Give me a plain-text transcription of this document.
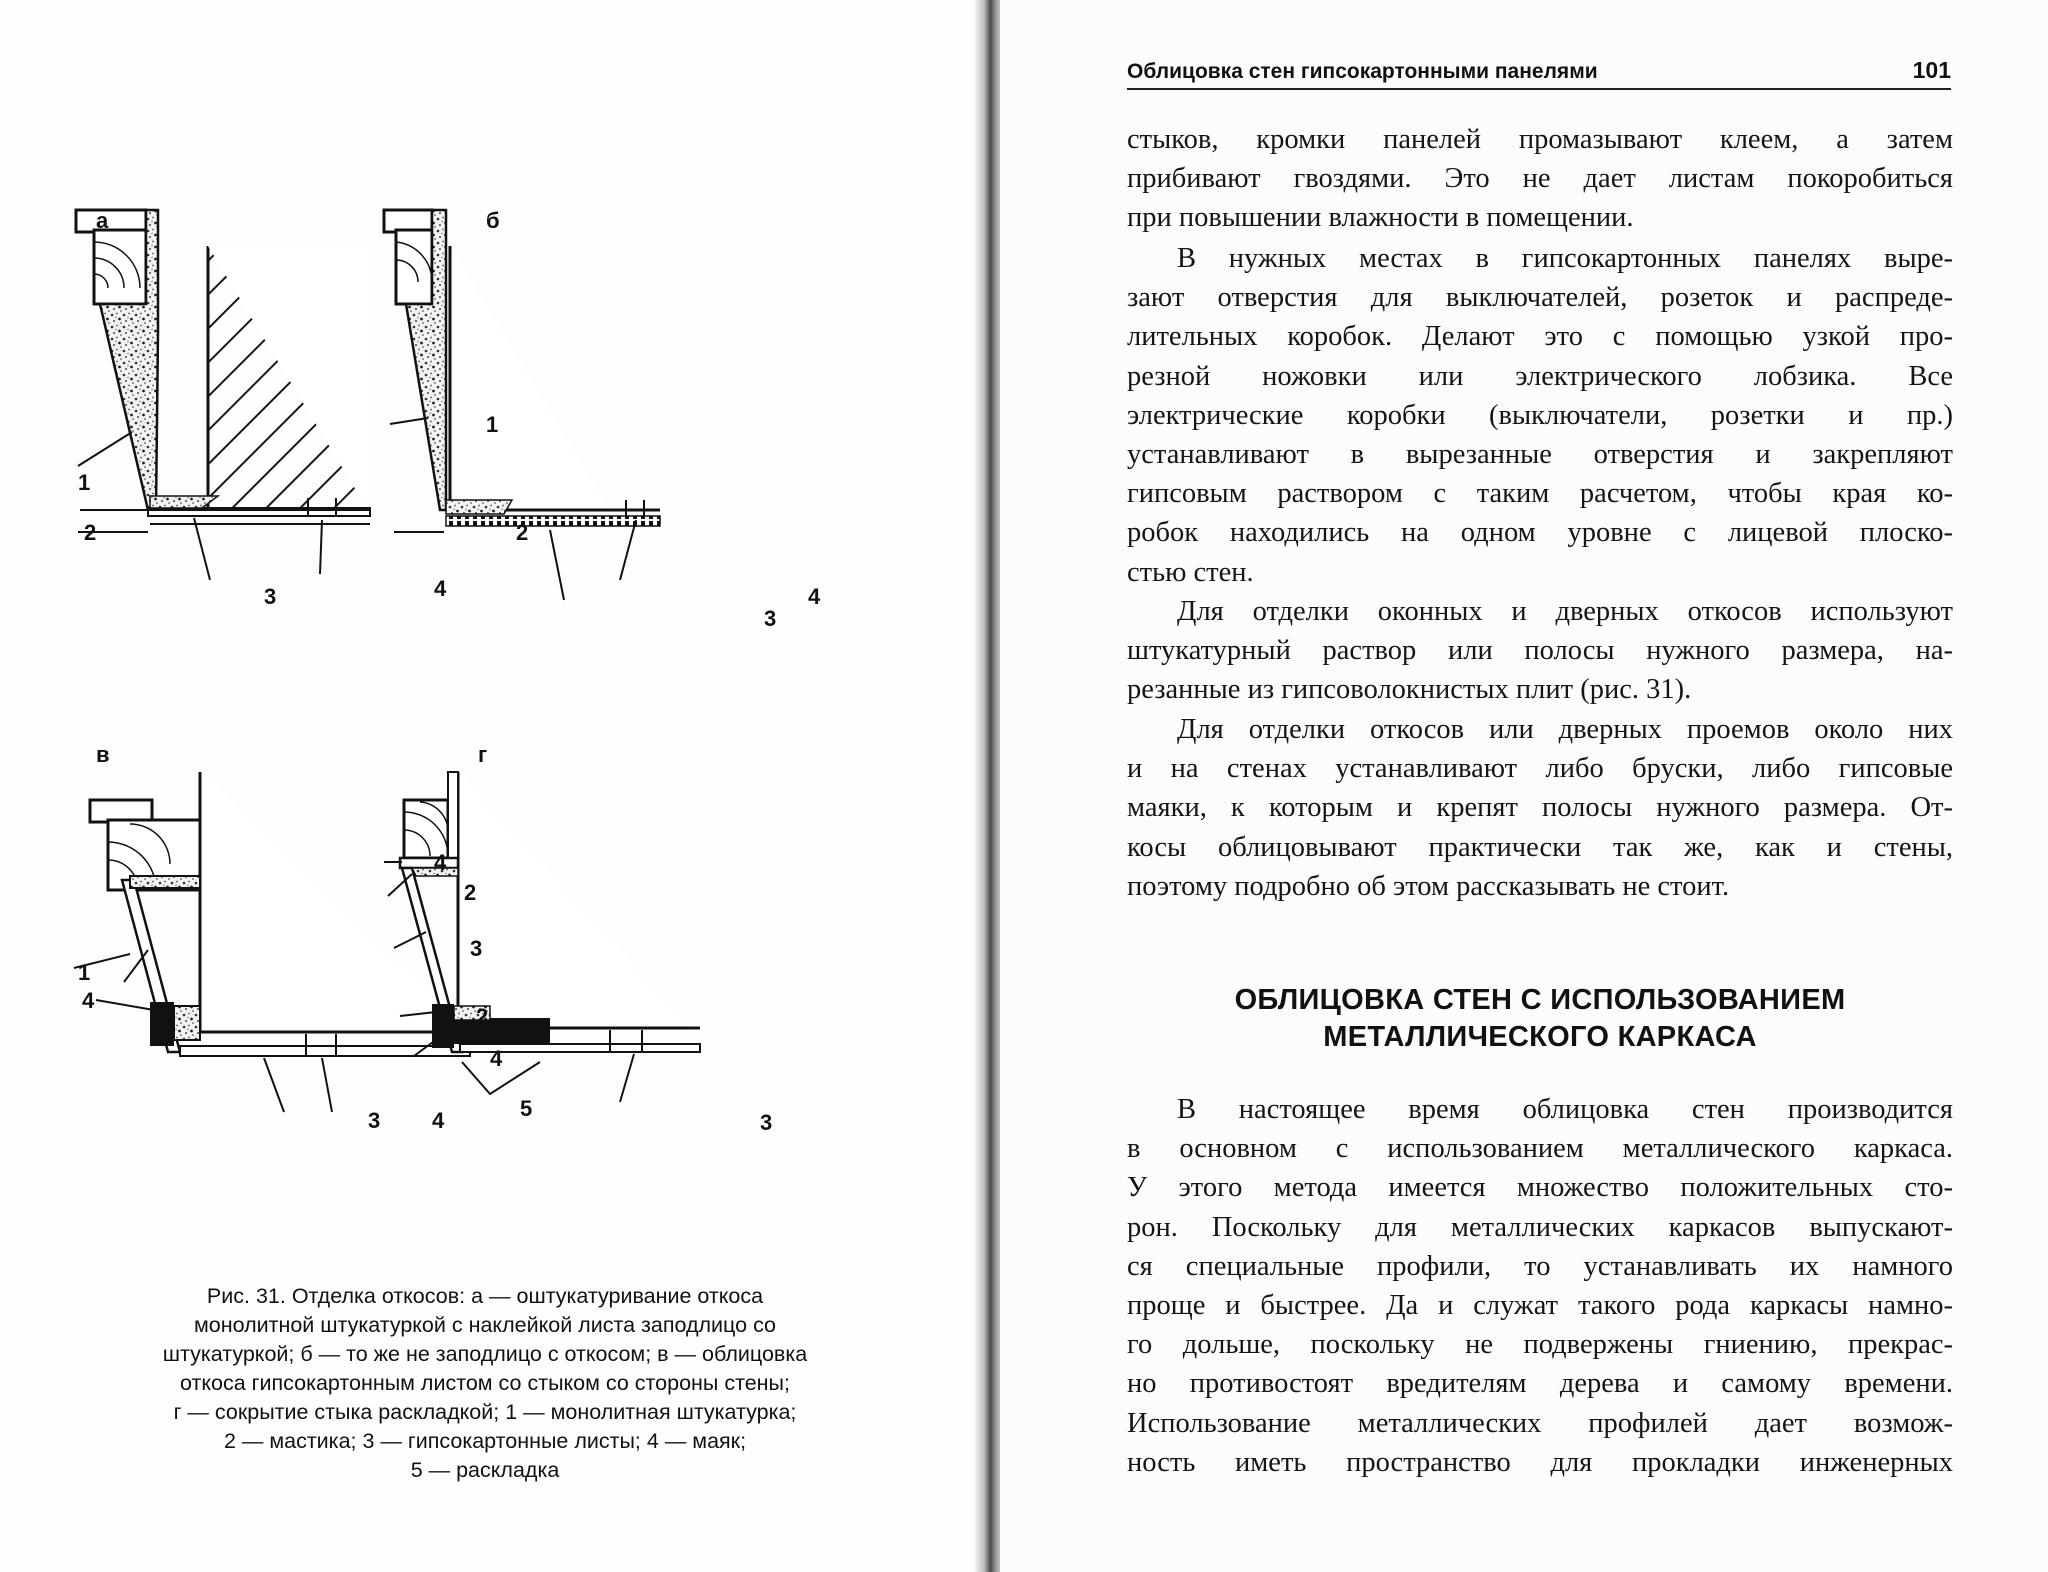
а	б
в	г
1
2
3	4
1
2
3
4
1
4
3 4
4
2
3
2
4
5
3
Рис. 31. Отделка откосов: а — оштукатуривание откоса
монолитной штукатуркой с наклейкой листа заподлицо со
штукатуркой; б — то же не заподлицо с откосом; в — облицовка
откоса гипсокартонным листом со стыком со стороны стены;
г — сокрытие стыка раскладкой; 1 — монолитная штукатурка;
2 — мастика; 3 — гипсокартонные листы; 4 — маяк;
5 — раскладка
Облицовка стен гипсокартонными панелями	101
стыков, кромки панелей промазывают клеем, а затем
прибивают гвоздями. Это не дает листам покоробиться
при повышении влажности в помещении.
В нужных местах в гипсокартонных панелях выре-
зают отверстия для выключателей, розеток и распреде-
лительных коробок. Делают это с помощью узкой про-
резной ножовки или электрического лобзика. Все
электрические коробки (выключатели, розетки и пр.)
устанавливают в вырезанные отверстия и закрепляют
гипсовым раствором с таким расчетом, чтобы края ко-
робок находились на одном уровне с лицевой плоско-
стью стен.
Для отделки оконных и дверных откосов используют
штукатурный раствор или полосы нужного размера, на-
резанные из гипсоволокнистых плит (рис. 31).
Для отделки откосов или дверных проемов около них
и на стенах устанавливают либо бруски, либо гипсовые
маяки, к которым и крепят полосы нужного размера. От-
косы облицовывают практически так же, как и стены,
поэтому подробно об этом рассказывать не стоит.
ОБЛИЦОВКА СТЕН С ИСПОЛЬЗОВАНИЕМ
МЕТАЛЛИЧЕСКОГО КАРКАСА
В настоящее время облицовка стен производится
в основном с использованием металлического каркаса.
У этого метода имеется множество положительных сто-
рон. Поскольку для металлических каркасов выпускают-
ся специальные профили, то устанавливать их намного
проще и быстрее. Да и служат такого рода каркасы намно-
го дольше, поскольку не подвержены гниению, прекрас-
но противостоят вредителям дерева и самому времени.
Использование металлических профилей дает возмож-
ность иметь пространство для прокладки инженерных
